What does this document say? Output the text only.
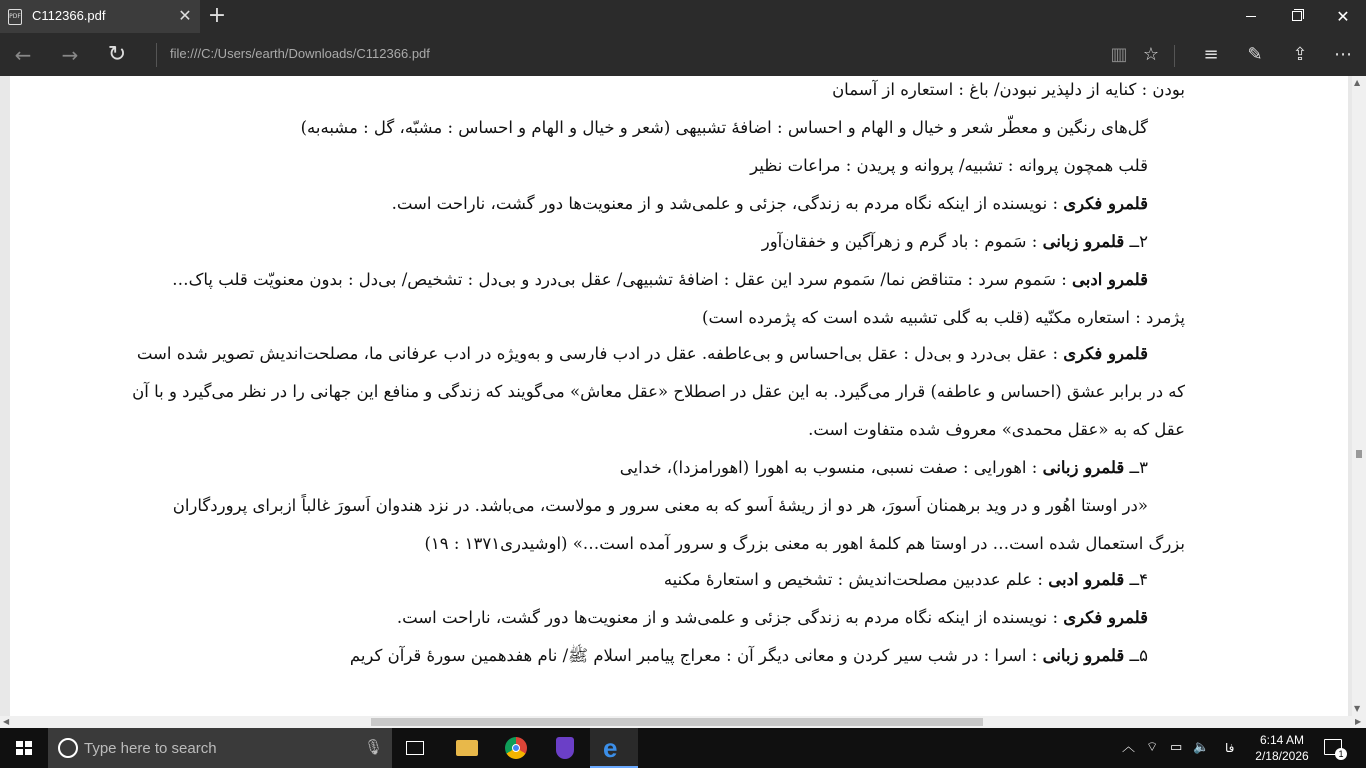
PDF C112366.pdf	✕ +	✕
←	→	↻	file:///C:/Users/earth/Downloads/C112366.pdf	▥ ☆	≡	✎	⇪	⋯
بودن : کنایه از دلپذیر نبودن/ باغ : استعاره از آسمان
گل‌های رنگین و معطّر شعر و خیال و الهام و احساس : اضافهٔ تشبیهی (شعر و خیال و الهام و احساس : مشبّه، گل : مشبه‌به)
قلب همچون پروانه : تشبیه/ پروانه و پریدن : مراعات نظیر
قلمرو فکری : نویسنده از اینکه نگاه مردم به زندگی، جزئی و علمی‌شد و از معنویت‌ها دور گشت، ناراحت است.
۲ــ قلمرو زبانی : سَموم : باد گرم و زهرآگین و خفقان‌آور
قلمرو ادبی : سَموم سرد : متناقض نما/ سَموم سرد این عقل : اضافهٔ تشبیهی/ عقل بی‌درد و بی‌دل : تشخیص/ بی‌دل : بدون معنویّت قلب پاک…
پژمرد : استعاره مکنّیه (قلب به گلی تشبیه شده است که پژمرده است)
قلمرو فکری : عقل بی‌درد و بی‌دل : عقل بی‌احساس و بی‌عاطفه. عقل در ادب فارسی و به‌ویژه در ادب عرفانی ما، مصلحت‌اندیش تصویر شده است
که در برابر عشق (احساس و عاطفه) قرار می‌گیرد. به این عقل در اصطلاح «عقل معاش» می‌گویند که زندگی و منافع این جهانی را در نظر می‌گیرد و با آن
عقل که به «عقل محمدی» معروف شده متفاوت است.
۳ــ قلمرو زبانی : اهورایی : صفت نسبی، منسوب به اهورا (اهورامزدا)، خدایی
«در اوستا اهُور و در وید برهمنان اَسورَ، هر دو از ریشهٔ اَسو که به معنی سرور و مولاست، می‌باشد. در نزد هندوان اَسورَ غالباً ازبرای پروردگاران
بزرگ استعمال شده است… در اوستا هم کلمهٔ اهور به معنی بزرگ و سرور آمده است…» (اوشیدری۱۳۷۱ : ۱۹)
۴ــ قلمرو ادبی : علم عددبین مصلحت‌اندیش : تشخیص و استعارهٔ مکنیه
قلمرو فکری : نویسنده از اینکه نگاه مردم به زندگی جزئی و علمی‌شد و از معنویت‌ها دور گشت، ناراحت است.
۵ــ قلمرو زبانی : اسرا : در شب سیر کردن و معانی دیگر آن : معراج پیامبر اسلام ﷺ/ نام هفدهمین سورهٔ قرآن کریم
▲
▼
◀	▶
Type here to search	🎙	e	︿ ⌔ ▭ 🔈 فا
6:14 AM
2/18/2026	1
